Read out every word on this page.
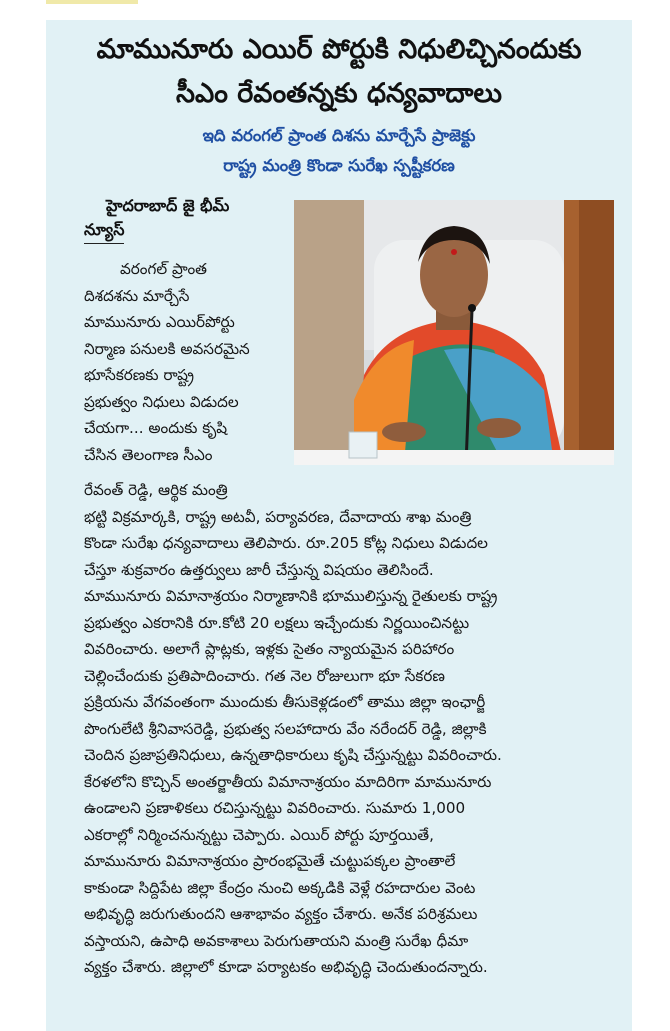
మామునూరు ఎయిర్ పోర్టుకి నిధులిచ్చినందుకు
సీఎం రేవంతన్నకు ధన్యవాదాలు
ఇది వరంగల్ ప్రాంత దిశను మార్చేసే ప్రాజెక్టు
రాష్ట్ర మంత్రి కొండా సురేఖ స్పష్టీకరణ
హైదరాబాద్ జై భీమ్
న్యూస్
వరంగల్ ప్రాంత
దిశదశను మార్చేసే
మామునూరు ఎయిర్‌పోర్టు
నిర్మాణ పనులకి అవసరమైన
భూసేకరణకు రాష్ట్ర
ప్రభుత్వం నిధులు విడుదల
చేయగా... అందుకు కృషి
చేసిన తెలంగాణ సీఎం
రేవంత్ రెడ్డి, ఆర్థిక మంత్రి
భట్టి విక్రమార్కకి, రాష్ట్ర అటవీ, పర్యావరణ, దేవాదాయ శాఖ మంత్రి
కొండా సురేఖ ధన్యవాదాలు తెలిపారు. రూ.205 కోట్ల నిధులు విడుదల
చేస్తూ శుక్రవారం ఉత్తర్వులు జారీ చేస్తున్న విషయం తెలిసిందే.
మామునూరు విమానాశ్రయం నిర్మాణానికి భూములిస్తున్న రైతులకు రాష్ట్ర
ప్రభుత్వం ఎకరానికి రూ.కోటి 20 లక్షలు ఇచ్చేందుకు నిర్ణయించినట్టు
వివరించారు. అలాగే ప్లాట్లకు, ఇళ్లకు సైతం న్యాయమైన పరిహారం
చెల్లించేందుకు ప్రతిపాదించారు. గత నెల రోజులుగా భూ సేకరణ
ప్రక్రియను వేగవంతంగా ముందుకు తీసుకెళ్లడంలో తాము జిల్లా ఇంఛార్జీ
పొంగులేటి శ్రీనివాసరెడ్డి, ప్రభుత్వ సలహాదారు వేం నరేందర్ రెడ్డి, జిల్లాకి
చెందిన ప్రజాప్రతినిధులు, ఉన్నతాధికారులు కృషి చేస్తున్నట్టు వివరించారు.
కేరళలోని కొచ్చిన్ అంతర్జాతీయ విమానాశ్రయం మాదిరిగా మామునూరు
ఉండాలని ప్రణాళికలు రచిస్తున్నట్టు వివరించారు. సుమారు 1,000
ఎకరాల్లో నిర్మించనున్నట్టు చెప్పారు. ఎయిర్ పోర్టు పూర్తయితే,
మామునూరు విమానాశ్రయం ప్రారంభమైతే చుట్టుపక్కల ప్రాంతాలే
కాకుండా సిద్దిపేట జిల్లా కేంద్రం నుంచి అక్కడికి వెళ్లే రహదారుల వెంట
అభివృద్ధి జరుగుతుందని ఆశాభావం వ్యక్తం చేశారు. అనేక పరిశ్రమలు
వస్తాయని, ఉపాధి అవకాశాలు పెరుగుతాయని మంత్రి సురేఖ ధీమా
వ్యక్తం చేశారు. జిల్లాలో కూడా పర్యాటకం అభివృద్ధి చెందుతుందన్నారు.
